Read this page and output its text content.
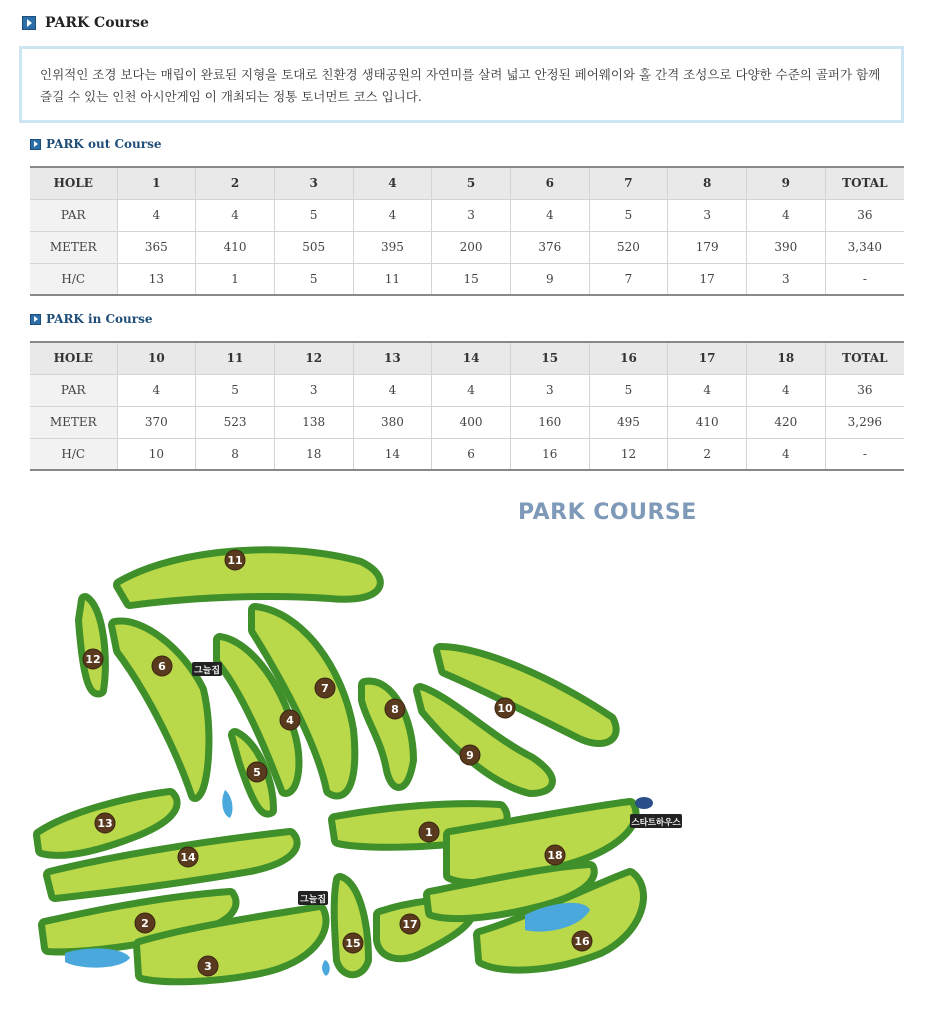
PARK Course

인위적인 조경 보다는 매립이 완료된 지형을 토대로 친환경 생태공원의 자연미를 살려 넓고 안정된 페어웨이와 홀 간격 조성으로 다양한 수준의 골퍼가 함께 즐길 수 있는 인천 아시안게임 이 개최되는 정통 토너먼트 코스 입니다.

PARK out Course
HOLE	1	2	3	4	5	6	7	8	9	TOTAL
PAR	4	4	5	4	3	4	5	3	4	36
METER	365	410	505	395	200	376	520	179	390	3,340
H/C	13	1	5	11	15	9	7	17	3	-
PARK in Course
HOLE	10	11	12	13	14	15	16	17	18	TOTAL
PAR	4	5	3	4	4	3	5	4	4	36
METER	370	523	138	380	400	160	495	410	420	3,296
H/C	10	8	18	14	6	16	12	2	4	-
PARK COURSE
1
2
3
4
5
6
7
8
9
10
11
12
13
14
15	16
17
18
그늘집
그늘집
스타트하우스
